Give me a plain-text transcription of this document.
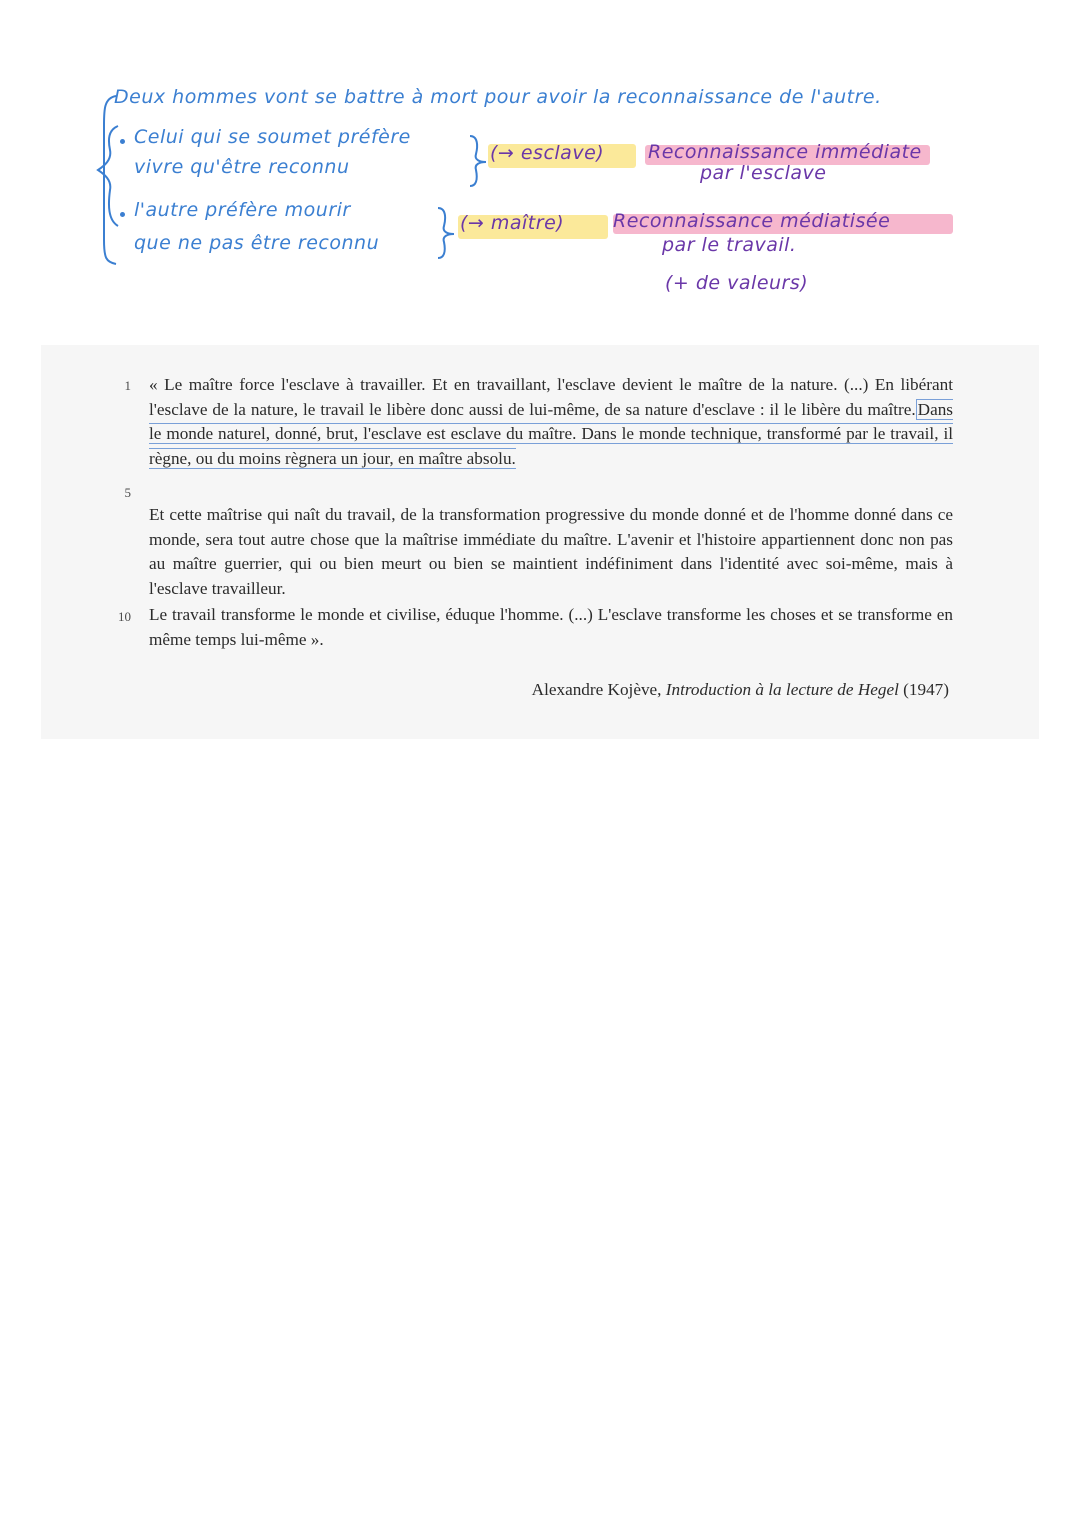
Deux hommes vont se battre à mort pour avoir la reconnaissance de l'autre.
Celui qui se soumet préfère
vivre qu'être reconnu
(→ esclave) Reconnaissance immédiate
par l'esclave
l'autre préfère mourir
que ne pas être reconnu
(→ maître)	Reconnaissance médiatisée
par le travail.
(+ de valeurs)
1
5
10
« Le maître force l'esclave à travailler. Et en travaillant, l'esclave devient le maître de la nature. (...) En libérant l'esclave de la nature, le travail le libère donc aussi de lui-même, de sa nature d'esclave : il le libère du maître. Dans le monde naturel, donné, brut, l'esclave est esclave du maître. Dans le monde technique, transformé par le travail, il règne, ou du moins règnera un jour, en maître absolu.
Et cette maîtrise qui naît du travail, de la transformation progressive du monde donné et de l'homme donné dans ce monde, sera tout autre chose que la maîtrise immédiate du maître. L'avenir et l'histoire appartiennent donc non pas au maître guerrier, qui ou bien meurt ou bien se maintient indéfiniment dans l'identité avec soi-même, mais à l'esclave travailleur.
Le travail transforme le monde et civilise, éduque l'homme. (...) L'esclave transforme les choses et se transforme en même temps lui-même ».
Alexandre Kojève, Introduction à la lecture de Hegel (1947)
